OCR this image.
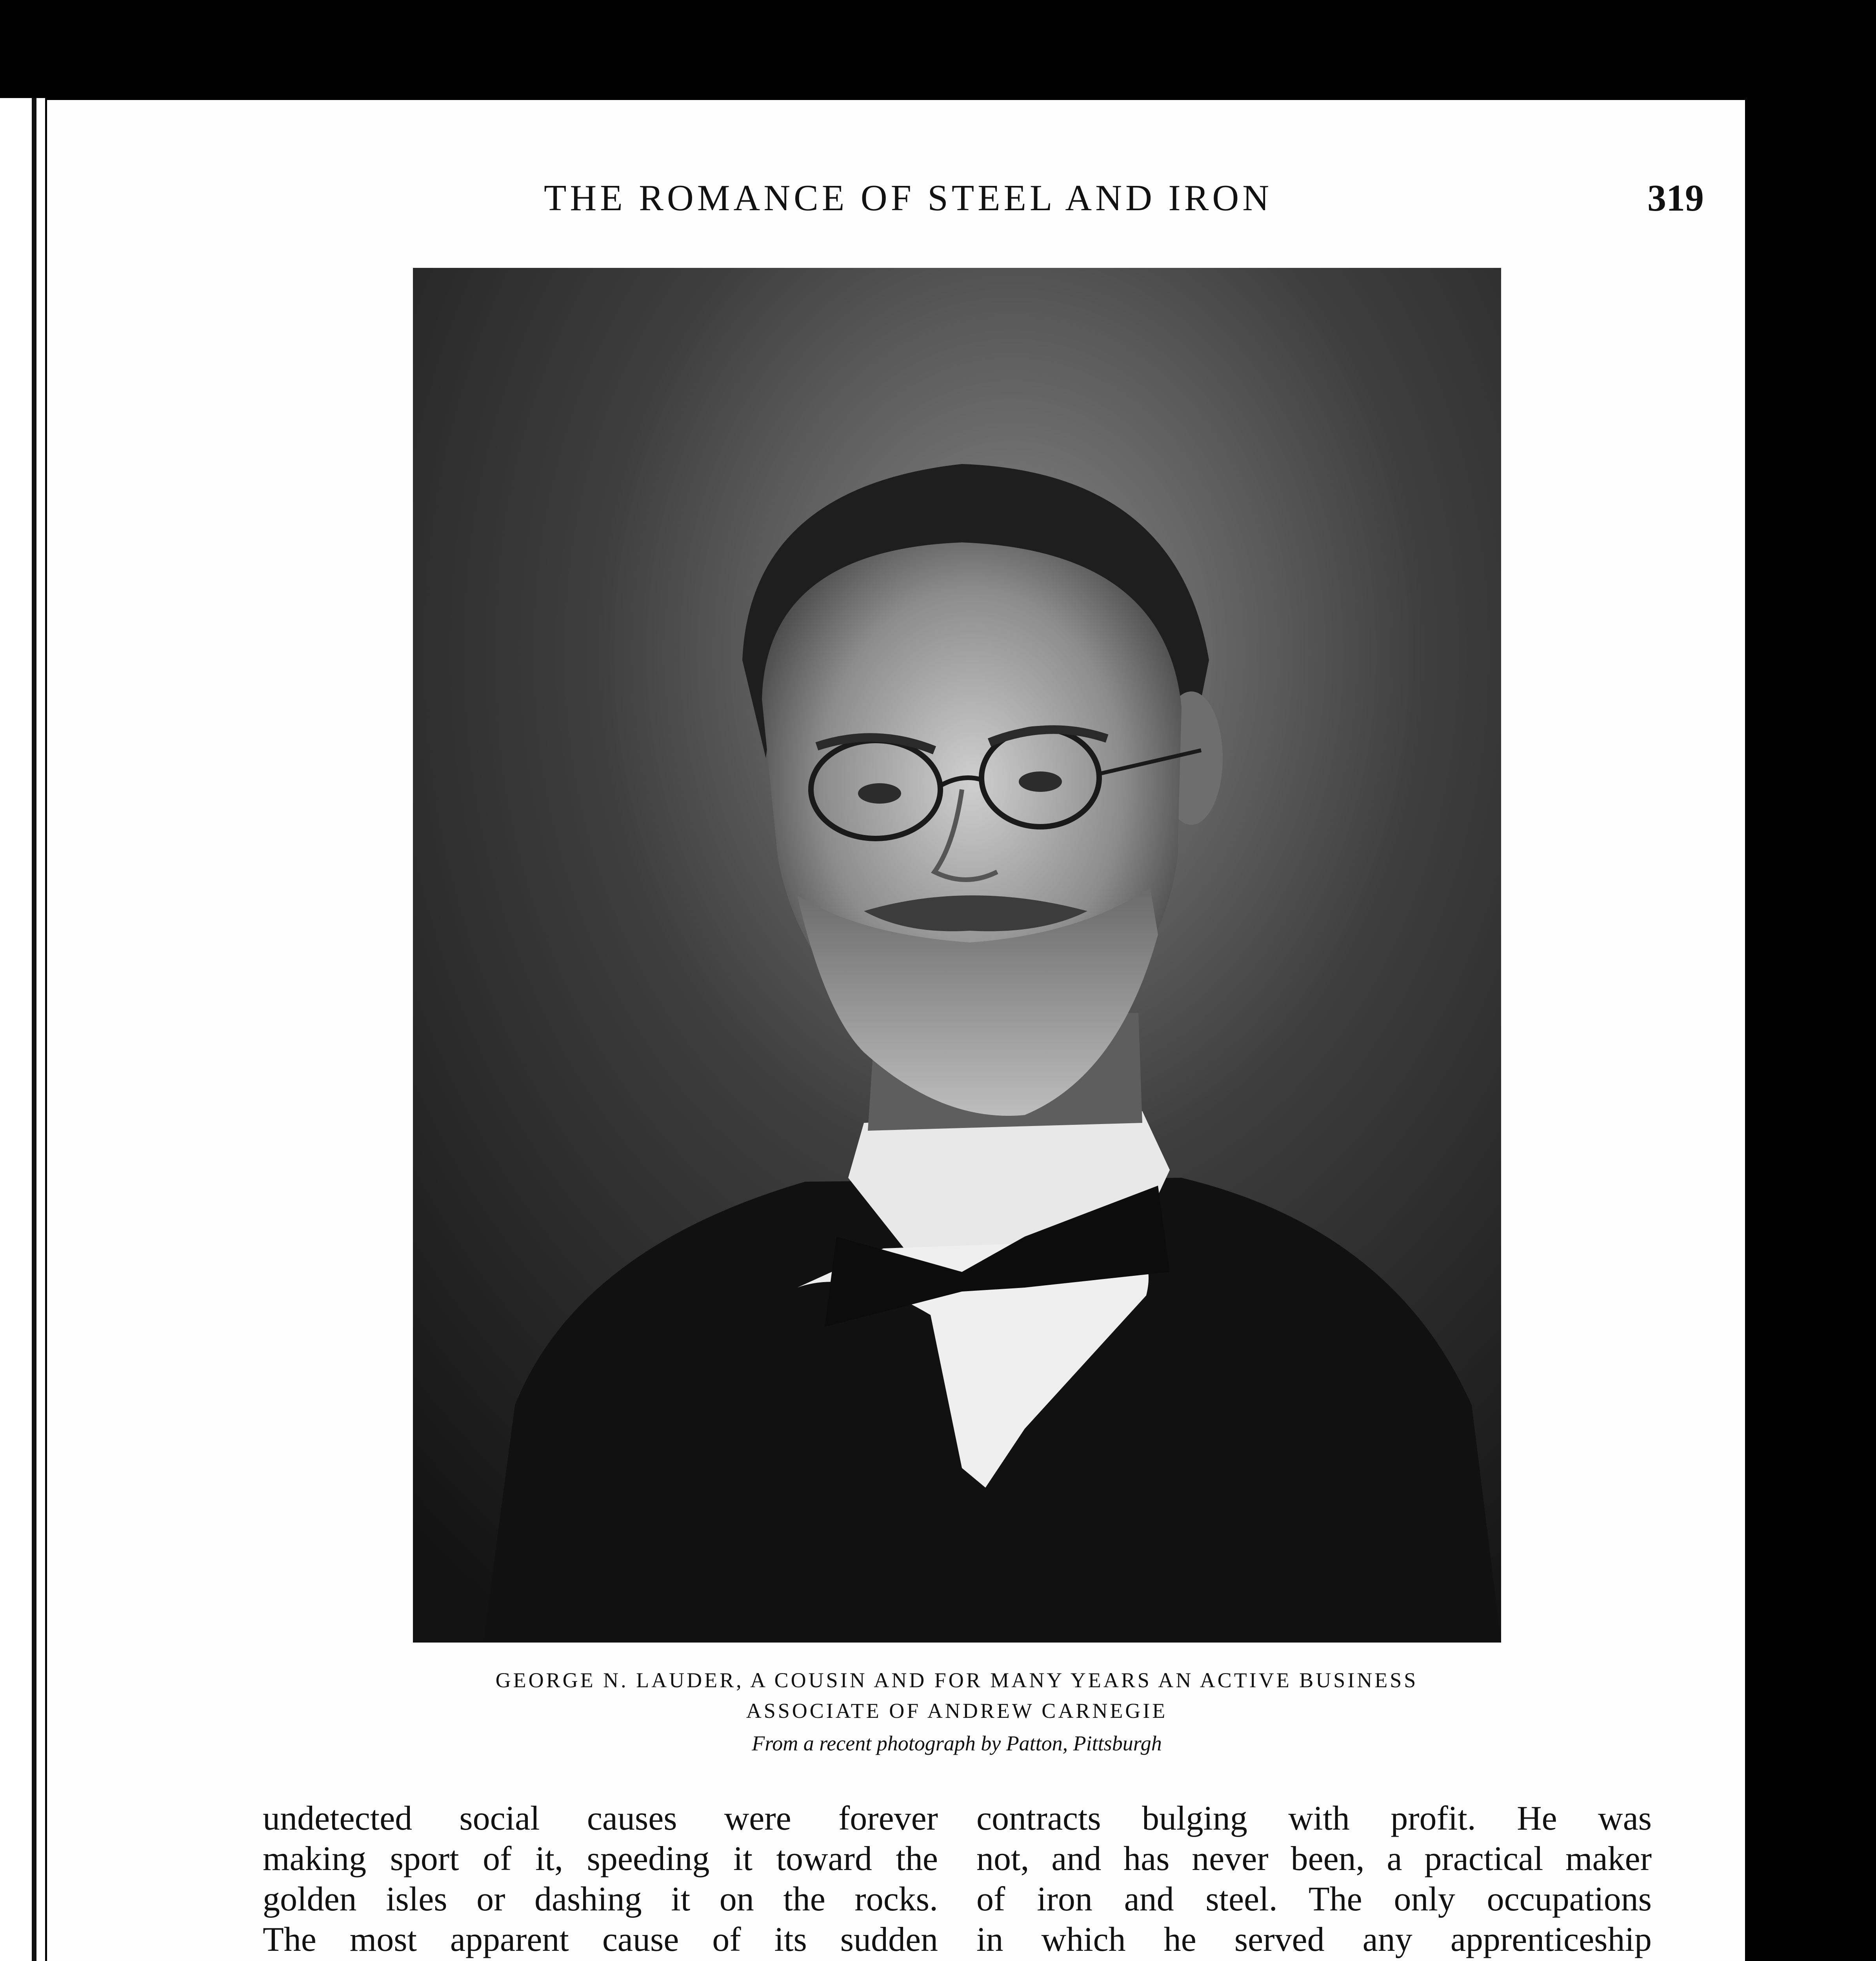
THE ROMANCE OF STEEL AND IRON	319
GEORGE N. LAUDER, A COUSIN AND FOR MANY YEARS AN ACTIVE BUSINESS
ASSOCIATE OF ANDREW CARNEGIE
From a recent photograph by Patton, Pittsburgh

undetected social causes were forever

making sport of it, speeding it toward the

golden isles or dashing it on the rocks.

The most apparent cause of its sudden

contracts bulging with profit. He was

not, and has never been, a practical maker

of iron and steel. The only occupations

in which he served any apprenticeship
